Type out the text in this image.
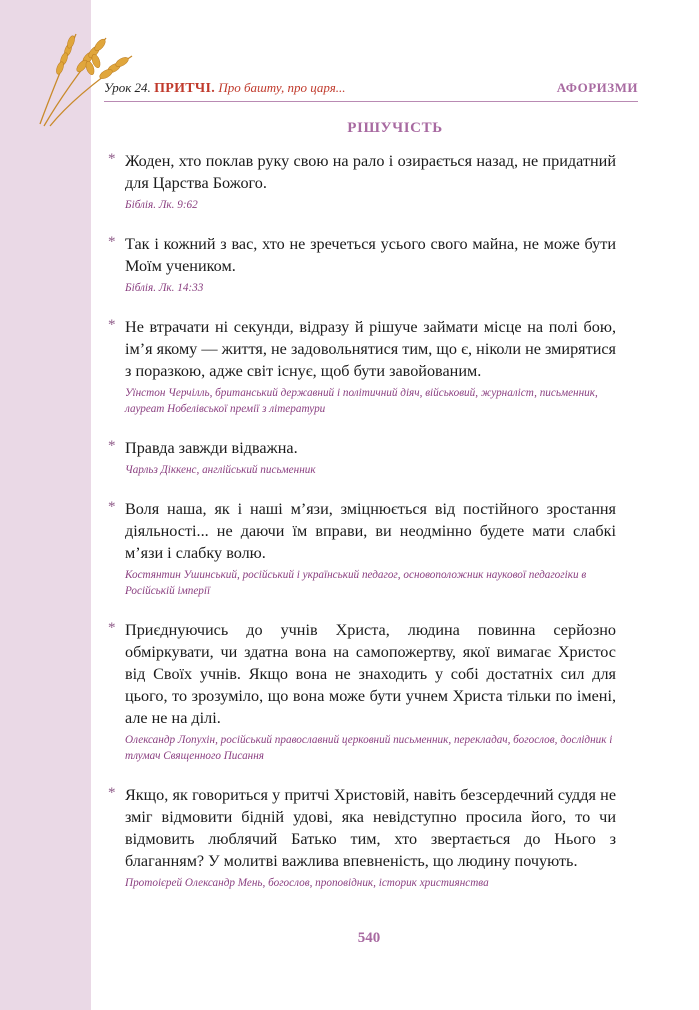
Урок 24. ПРИТЧІ. Про башту, про царя...	АФОРИЗМИ
РІШУЧІСТЬ
* Жоден, хто поклав руку свою на рало і озирається назад, не придатний для Царства Божого.

Біблія. Лк. 9:62
* Так і кожний з вас, хто не зречеться усього свого майна, не може бути Моїм учеником.

Біблія. Лк. 14:33
* Не втрачати ні секунди, відразу й рішуче займати місце на полі бою, ім’я якому — життя, не задовольнятися тим, що є, ніколи не змирятися з поразкою, адже світ існує, щоб бути завойованим.

Уїнстон Черчілль, британський державний і політичний діяч, військовий, журналіст, письменник, лауреат Нобелівської премії з літератури
* Правда завжди відважна.

Чарльз Діккенс, англійський письменник
* Воля наша, як і наші м’язи, зміцнюється від постійного зростання діяльності... не даючи їм вправи, ви неодмінно будете мати слабкі м’язи і слабку волю.

Костянтин Ушинський, російський і український педагог, основоположник наукової педагогіки в Російській імперії
* Приєднуючись до учнів Христа, людина повинна серйозно обміркувати, чи здатна вона на самопожертву, якої вимагає Христос від Своїх учнів. Якщо вона не знаходить у собі достатніх сил для цього, то зрозуміло, що вона може бути учнем Христа тільки по імені, але не на ділі.

Олександр Лопухін, російський православний церковний письменник, перекладач, богослов, дослідник і тлумач Священного Писання
* Якщо, як говориться у притчі Христовій, навіть безсердечний суддя не зміг відмовити бідній удові, яка невідступно просила його, то чи відмовить люблячий Батько тим, хто звертається до Нього з благанням? У молитві важлива впевненість, що людину почують.

Протоієрей Олександр Мень, богослов, проповідник, історик християнства
540
